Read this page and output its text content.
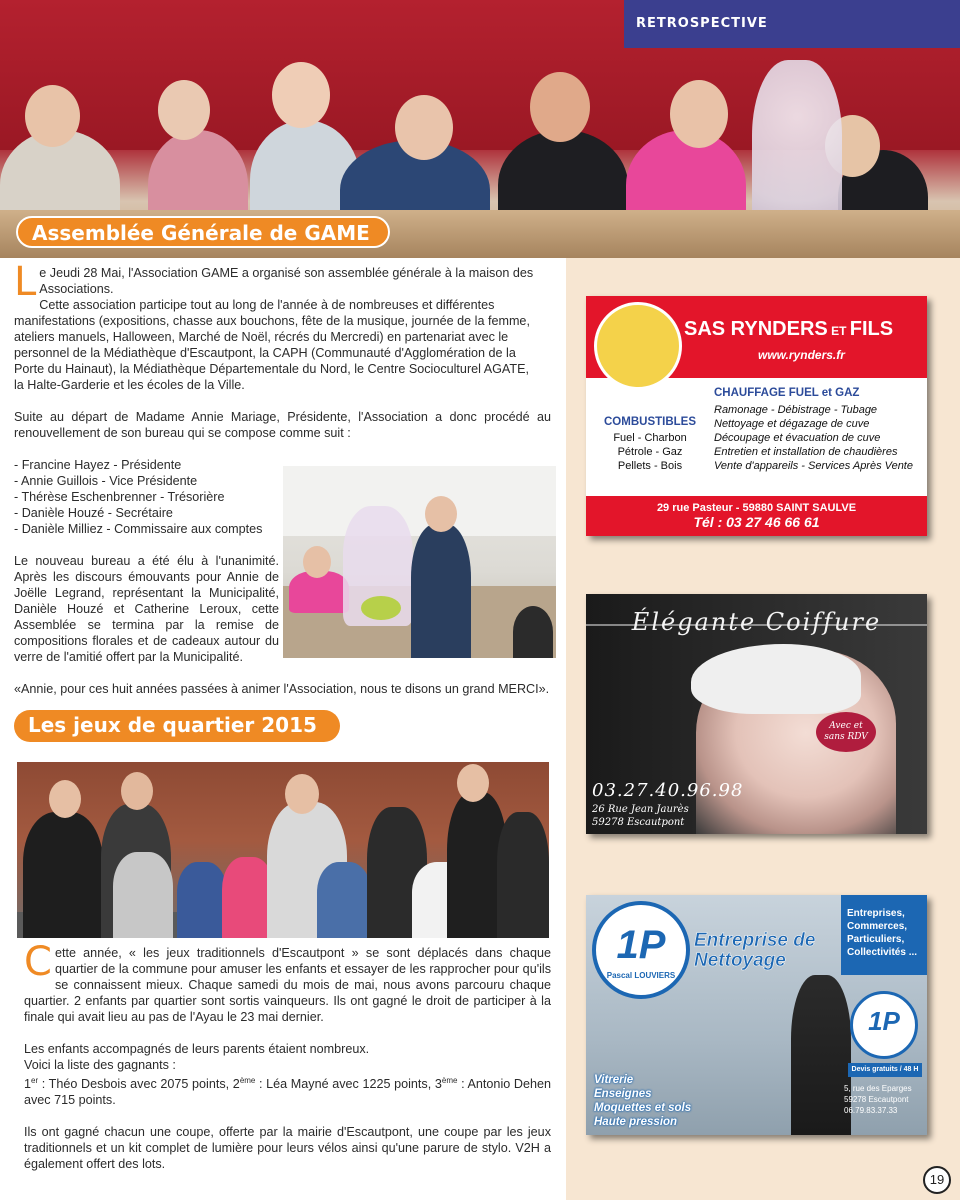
RETROSPECTIVE
Assemblée Générale de GAME
L e Jeudi 28 Mai, l'Association GAME a organisé son assemblée générale à la maison des
Associations.
Cette association participe tout au long de l'année à de nombreuses et différentes
manifestations (expositions, chasse aux bouchons, fête de la musique, journée de la femme,
ateliers manuels, Halloween, Marché de Noël, récrés du Mercredi) en partenariat avec le
personnel de la Médiathèque d'Escautpont, la CAPH (Communauté d'Agglomération de la
Porte du Hainaut), la Médiathèque Départementale du Nord, le Centre Socioculturel AGATE,
la Halte-Garderie et les écoles de la Ville.
Suite au départ de Madame Annie Mariage, Présidente, l'Association a donc procédé au renouvellement de son bureau qui se compose comme suit :
- Francine Hayez - Présidente
- Annie Guillois - Vice Présidente
- Thérèse Eschenbrenner - Trésorière
- Danièle Houzé - Secrétaire
- Danièle Milliez - Commissaire aux comptes
Le nouveau bureau a été élu à l'unanimité. Après les discours émouvants pour Annie de Joëlle Legrand, représentant la Municipalité, Danièle Houzé et Catherine Leroux, cette Assemblée se termina par la remise de compositions florales et de cadeaux autour du verre de l'amitié offert par la Municipalité.
«Annie, pour ces huit années passées à animer l'Association, nous te disons un grand MERCI».
Les jeux de quartier 2015
C ette année, « les jeux traditionnels d'Escautpont » se sont déplacés dans chaque quartier de la commune pour amuser les enfants et essayer de les rapprocher pour qu'ils se connaissent mieux. Chaque samedi du mois de mai, nous avons parcouru chaque quartier. 2 enfants par quartier sont sortis vainqueurs. Ils ont gagné le droit de participer à la finale qui avait lieu au pas de l'Ayau le 23 mai dernier.
Les enfants accompagnés de leurs parents étaient nombreux.
Voici la liste des gagnants :
1er : Théo Desbois avec 2075 points, 2ème : Léa Mayné avec 1225 points, 3ème : Antonio Dehen avec 715 points.
Ils ont gagné chacun une coupe, offerte par la mairie d'Escautpont, une coupe par les jeux traditionnels et un kit complet de lumière pour leurs vélos ainsi qu'une parure de stylo. V2H a également offert des lots.
SAS RYNDERS ET FILS
www.rynders.fr
CHAUFFAGE FUEL et GAZ
Ramonage - Débistrage - Tubage
Nettoyage et dégazage de cuve
Découpage et évacuation de cuve
Entretien et installation de chaudières
Vente d'appareils - Services Après Vente
COMBUSTIBLES
Fuel - Charbon
Pétrole - Gaz
Pellets - Bois
29 rue Pasteur - 59880 SAINT SAULVE
Tél : 03 27 46 66 61
Élégante Coiffure
Avec et
sans RDV
03.27.40.96.98
26 Rue Jean Jaurès
59278 Escautpont
1P
Pascal LOUVIERS
Entreprise de
Nettoyage
Entreprises,
Commerces,
Particuliers,
Collectivités ...
1P
Devis gratuits / 48 H
5, rue des Eparges
59278 Escautpont
06.79.83.37.33
Vitrerie
Enseignes
Moquettes et sols
Haute pression
19
